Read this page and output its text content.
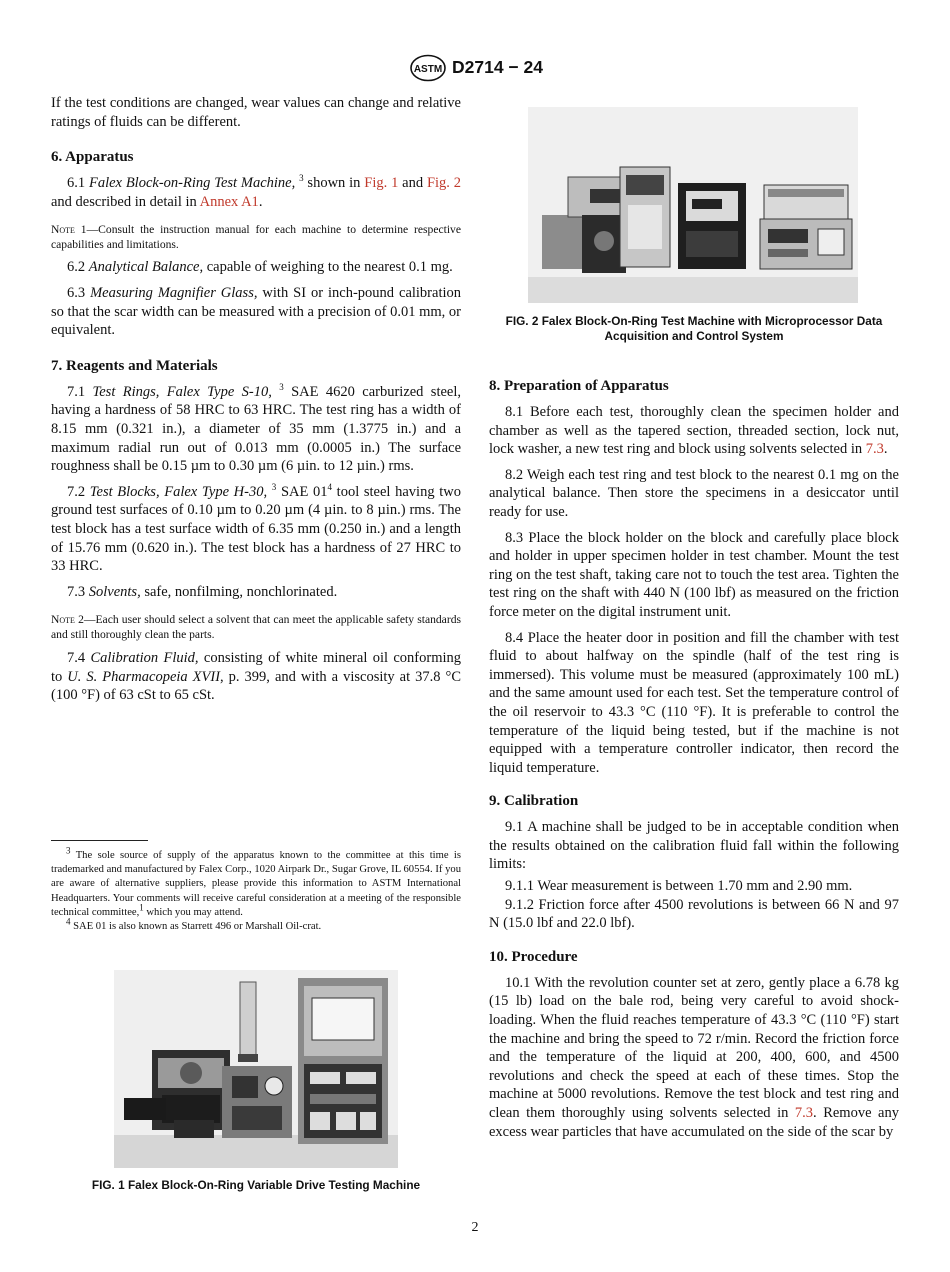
ASTM D2714 − 24

If the test conditions are changed, wear values can change and relative ratings of fluids can be different.

6. Apparatus

6.1 Falex Block-on-Ring Test Machine, $^3$ shown in Fig. 1 and Fig. 2 and described in detail in Annex A1.

Note 1—Consult the instruction manual for each machine to determine respective capabilities and limitations.

6.2 Analytical Balance, capable of weighing to the nearest 0.1 mg.

6.3 Measuring Magnifier Glass, with SI or inch-pound calibration so that the scar width can be measured with a precision of 0.01 mm, or equivalent.

7. Reagents and Materials

7.1 Test Rings, Falex Type S-10, $^3$ SAE 4620 carburized steel, having a hardness of 58 HRC to 63 HRC. The test ring has a width of 8.15 mm (0.321 in.), a diameter of 35 mm (1.3775 in.) and a maximum radial run out of 0.013 mm (0.0005 in.) The surface roughness shall be 0.15 µm to 0.30 µm (6 µin. to 12 µin.) rms.

7.2 Test Blocks, Falex Type H-30, $^3$ SAE $01^4$ tool steel having two ground test surfaces of 0.10 µm to 0.20 µm (4 µin. to 8 µin.) rms. The test block has a test surface width of 6.35 mm (0.250 in.) and a length of 15.76 mm (0.620 in.). The test block has a hardness of 27 HRC to 33 HRC.

7.3 Solvents, safe, nonfilming, nonchlorinated.

Note 2—Each user should select a solvent that can meet the applicable safety standards and still thoroughly clean the parts.

7.4 Calibration Fluid, consisting of white mineral oil conforming to U. S. Pharmacopeia XVII, p. 399, and with a viscosity at 37.8 °C (100 °F) of 63 cSt to 65 cSt.

$^3$ The sole source of supply of the apparatus known to the committee at this time is trademarked and manufactured by Falex Corp., 1020 Airpark Dr., Sugar Grove, IL 60554. If you are aware of alternative suppliers, please provide this information to ASTM International Headquarters. Your comments will receive careful consideration at a meeting of the responsible technical committee,$^1$ which you may attend.

$^4$ SAE 01 is also known as Starrett 496 or Marshall Oil-crat.

FIG. 1 Falex Block-On-Ring Variable Drive Testing Machine

FIG. 2 Falex Block-On-Ring Test Machine with Microprocessor Data Acquisition and Control System

8. Preparation of Apparatus

8.1 Before each test, thoroughly clean the specimen holder and chamber as well as the tapered section, threaded section, lock nut, lock washer, a new test ring and block using solvents selected in 7.3.

8.2 Weigh each test ring and test block to the nearest 0.1 mg on the analytical balance. Then store the specimens in a desiccator until ready for use.

8.3 Place the block holder on the block and carefully place block and holder in upper specimen holder in test chamber. Mount the test ring on the test shaft, taking care not to touch the test area. Tighten the test ring on the shaft with 440 N (100 lbf) as measured on the friction force meter on the digital instrument unit.

8.4 Place the heater door in position and fill the chamber with test fluid to about halfway on the spindle (half of the test ring is immersed). This volume must be measured (approximately 100 mL) and the same amount used for each test. Set the temperature control of the oil reservoir to 43.3 °C (110 °F). It is preferable to control the temperature of the liquid being tested, but if the machine is not equipped with a temperature controller indicator, then record the liquid temperature.

9. Calibration

9.1 A machine shall be judged to be in acceptable condition when the results obtained on the calibration fluid fall within the following limits:

9.1.1 Wear measurement is between 1.70 mm and 2.90 mm.

9.1.2 Friction force after 4500 revolutions is between 66 N and 97 N (15.0 lbf and 22.0 lbf).

10. Procedure

10.1 With the revolution counter set at zero, gently place a 6.78 kg (15 lb) load on the bale rod, being very careful to avoid shock-loading. When the fluid reaches temperature of 43.3 °C (110 °F) start the machine and bring the speed to 72 r/min. Record the friction force and the temperature of the liquid at 200, 400, 600, and 4500 revolutions and check the speed at each of these times. Stop the machine at 5000 revolutions. Remove the test block and test ring and clean them thoroughly using solvents selected in 7.3. Remove any excess wear particles that have accumulated on the side of the scar by

2
